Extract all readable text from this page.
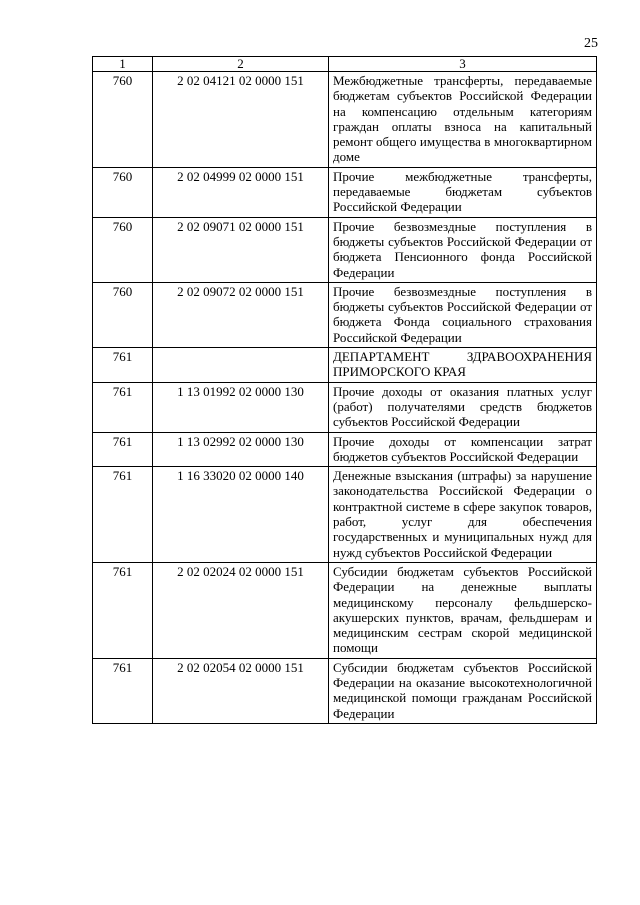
25
1	2	3
760	2 02 04121 02 0000 151	Межбюджетные трансферты, передаваемые бюджетам субъектов Российской Федерации на компенсацию отдельным категориям граждан оплаты взноса на капитальный ремонт общего имущества в многоквартирном доме
760	2 02 04999 02 0000 151	Прочие межбюджетные трансферты, передаваемые бюджетам субъектов Российской Федерации
760	2 02 09071 02 0000 151	Прочие безвозмездные поступления в бюджеты субъектов Российской Федерации от бюджета Пенсионного фонда Российской Федерации
760	2 02 09072 02 0000 151	Прочие безвозмездные поступления в бюджеты субъектов Российской Федерации от бюджета Фонда социального страхования Российской Федерации
761		ДЕПАРТАМЕНТ ЗДРАВООХРАНЕНИЯ ПРИМОРСКОГО КРАЯ
761	1 13 01992 02 0000 130	Прочие доходы от оказания платных услуг (работ) получателями средств бюджетов субъектов Российской Федерации
761	1 13 02992 02 0000 130	Прочие доходы от компенсации затрат бюджетов субъектов Российской Федерации
761	1 16 33020 02 0000 140	Денежные взыскания (штрафы) за нарушение законодательства Российской Федерации о контрактной системе в сфере закупок товаров, работ, услуг для обеспечения государственных и муниципальных нужд для нужд субъектов Российской Федерации
761	2 02 02024 02 0000 151	Субсидии бюджетам субъектов Российской Федерации на денежные выплаты медицинскому персоналу фельдшерско-акушерских пунктов, врачам, фельдшерам и медицинским сестрам скорой медицинской помощи
761	2 02 02054 02 0000 151	Субсидии бюджетам субъектов Российской Федерации на оказание высокотехнологичной медицинской помощи гражданам Российской Федерации
